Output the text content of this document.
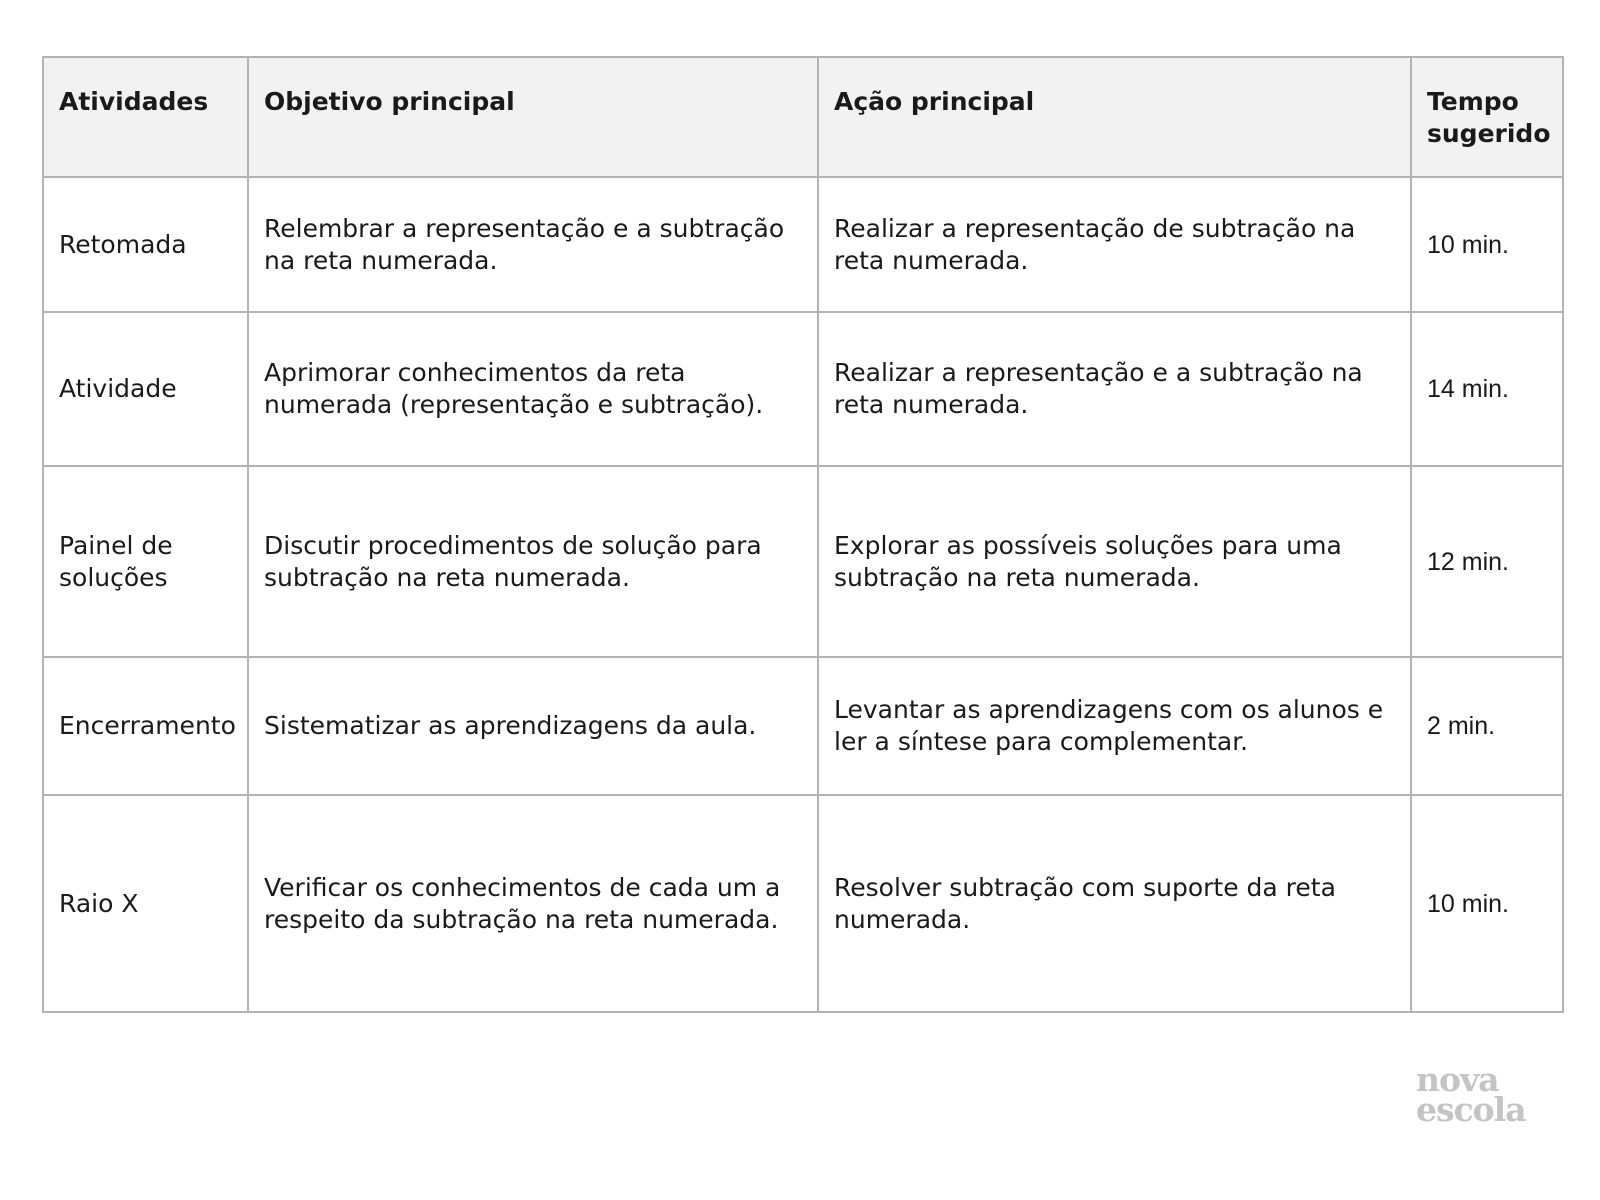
Atividades	Objetivo principal	Ação principal	Tempo sugerido
Retomada	Relembrar a representação e a subtração na reta numerada.	Realizar a representação de subtração na reta numerada.	10 min.
Atividade	Aprimorar conhecimentos da reta numerada (representação e subtração).	Realizar a representação e a subtração na reta numerada.	14 min.
Painel de soluções	Discutir procedimentos de solução para subtração na reta numerada.	Explorar as possíveis soluções para uma subtração na reta numerada.	12 min.
Encerramento	Sistematizar as aprendizagens da aula.	Levantar as aprendizagens com os alunos e ler a síntese para complementar.	2 min.
Raio X	Verificar os conhecimentos de cada um a respeito da subtração na reta numerada.	Resolver subtração com suporte da reta numerada.	10 min.
nova
escola
